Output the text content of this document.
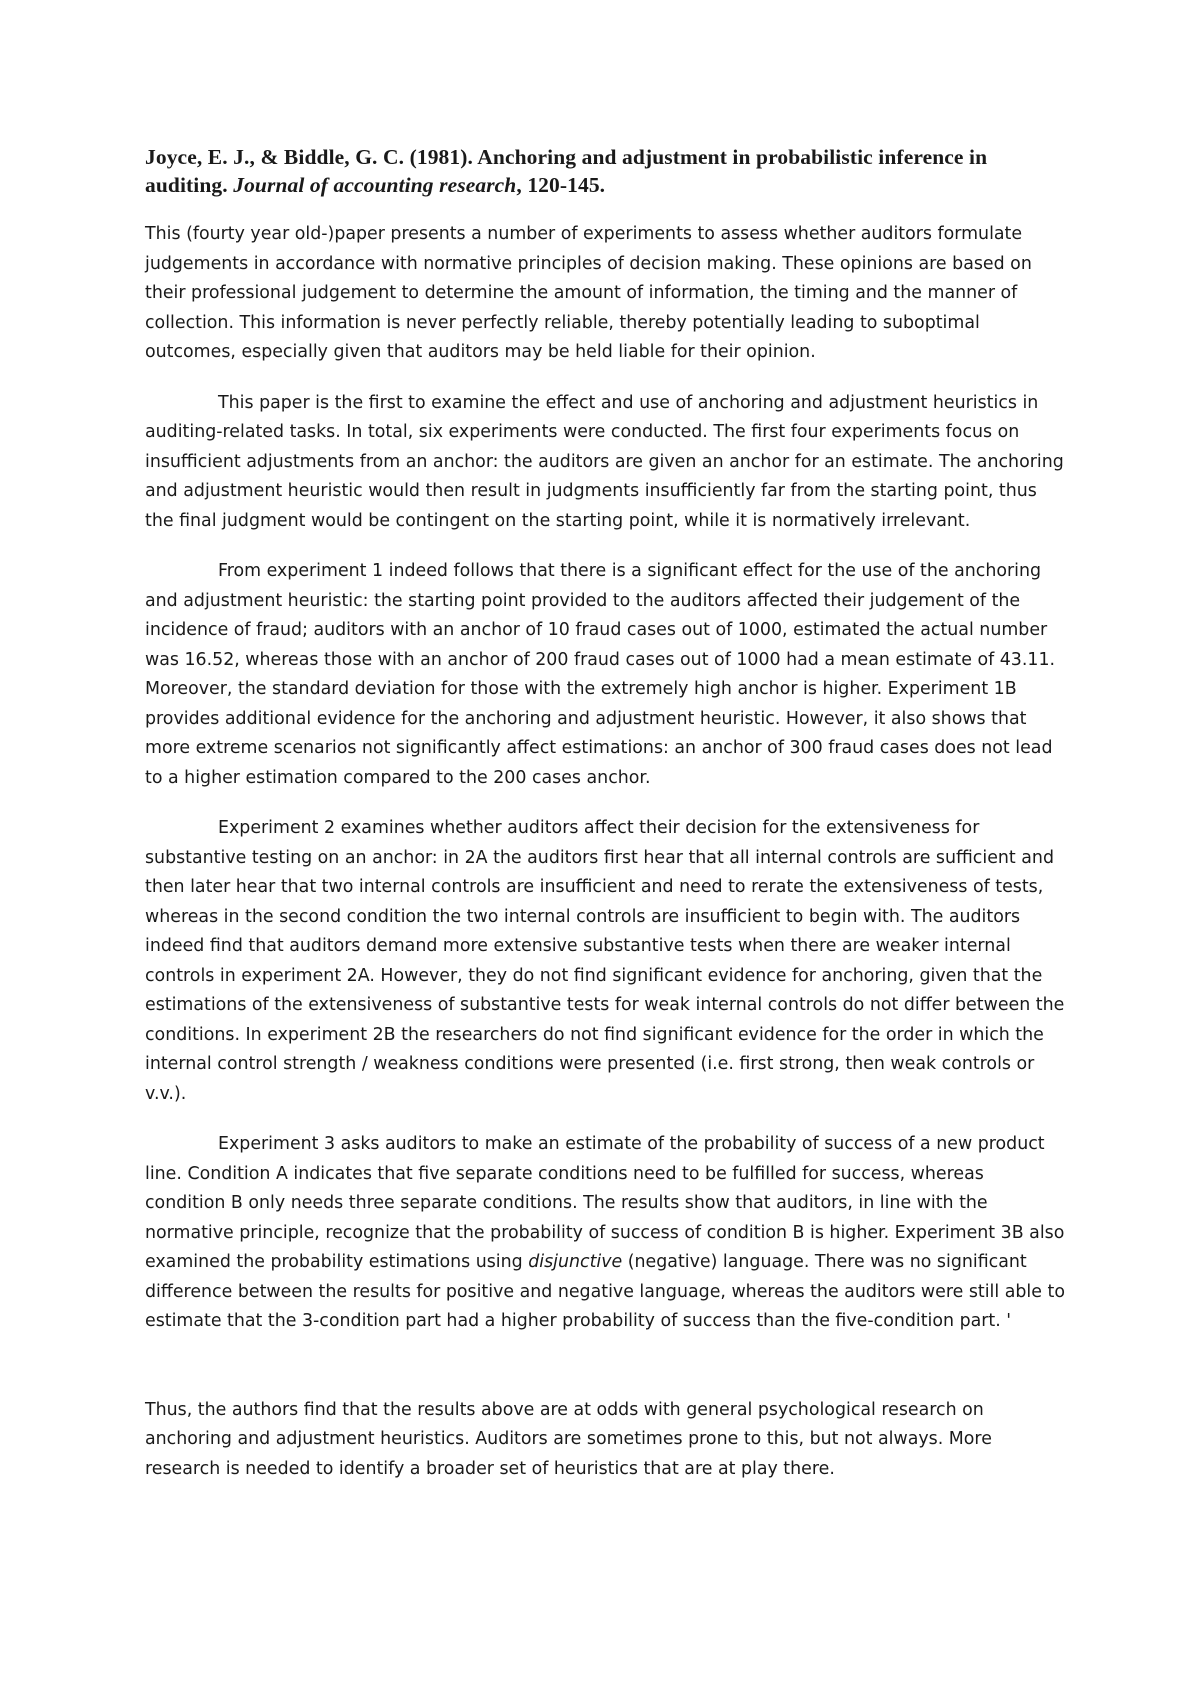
Joyce, E. J., & Biddle, G. C. (1981). Anchoring and adjustment in probabilistic inference in auditing. Journal of accounting research, 120-145.

This (fourty year old-)paper presents a number of experiments to assess whether auditors formulate judgements in accordance with normative principles of decision making. These opinions are based on their professional judgement to determine the amount of information, the timing and the manner of collection. This information is never perfectly reliable, thereby potentially leading to suboptimal outcomes, especially given that auditors may be held liable for their opinion.

This paper is the first to examine the effect and use of anchoring and adjustment heuristics in auditing-related tasks. In total, six experiments were conducted. The first four experiments focus on insufficient adjustments from an anchor: the auditors are given an anchor for an estimate. The anchoring and adjustment heuristic would then result in judgments insufficiently far from the starting point, thus the final judgment would be contingent on the starting point, while it is normatively irrelevant.

From experiment 1 indeed follows that there is a significant effect for the use of the anchoring and adjustment heuristic: the starting point provided to the auditors affected their judgement of the incidence of fraud; auditors with an anchor of 10 fraud cases out of 1000, estimated the actual number was 16.52, whereas those with an anchor of 200 fraud cases out of 1000 had a mean estimate of 43.11. Moreover, the standard deviation for those with the extremely high anchor is higher. Experiment 1B provides additional evidence for the anchoring and adjustment heuristic. However, it also shows that more extreme scenarios not significantly affect estimations: an anchor of 300 fraud cases does not lead to a higher estimation compared to the 200 cases anchor.

Experiment 2 examines whether auditors affect their decision for the extensiveness for substantive testing on an anchor: in 2A the auditors first hear that all internal controls are sufficient and then later hear that two internal controls are insufficient and need to rerate the extensiveness of tests, whereas in the second condition the two internal controls are insufficient to begin with. The auditors indeed find that auditors demand more extensive substantive tests when there are weaker internal controls in experiment 2A. However, they do not find significant evidence for anchoring, given that the estimations of the extensiveness of substantive tests for weak internal controls do not differ between the conditions. In experiment 2B the researchers do not find significant evidence for the order in which the internal control strength / weakness conditions were presented (i.e. first strong, then weak controls or v.v.).

Experiment 3 asks auditors to make an estimate of the probability of success of a new product line. Condition A indicates that five separate conditions need to be fulfilled for success, whereas condition B only needs three separate conditions. The results show that auditors, in line with the normative principle, recognize that the probability of success of condition B is higher. Experiment 3B also examined the probability estimations using disjunctive (negative) language. There was no significant difference between the results for positive and negative language, whereas the auditors were still able to estimate that the 3-condition part had a higher probability of success than the five-condition part. '

Thus, the authors find that the results above are at odds with general psychological research on anchoring and adjustment heuristics. Auditors are sometimes prone to this, but not always. More research is needed to identify a broader set of heuristics that are at play there.
